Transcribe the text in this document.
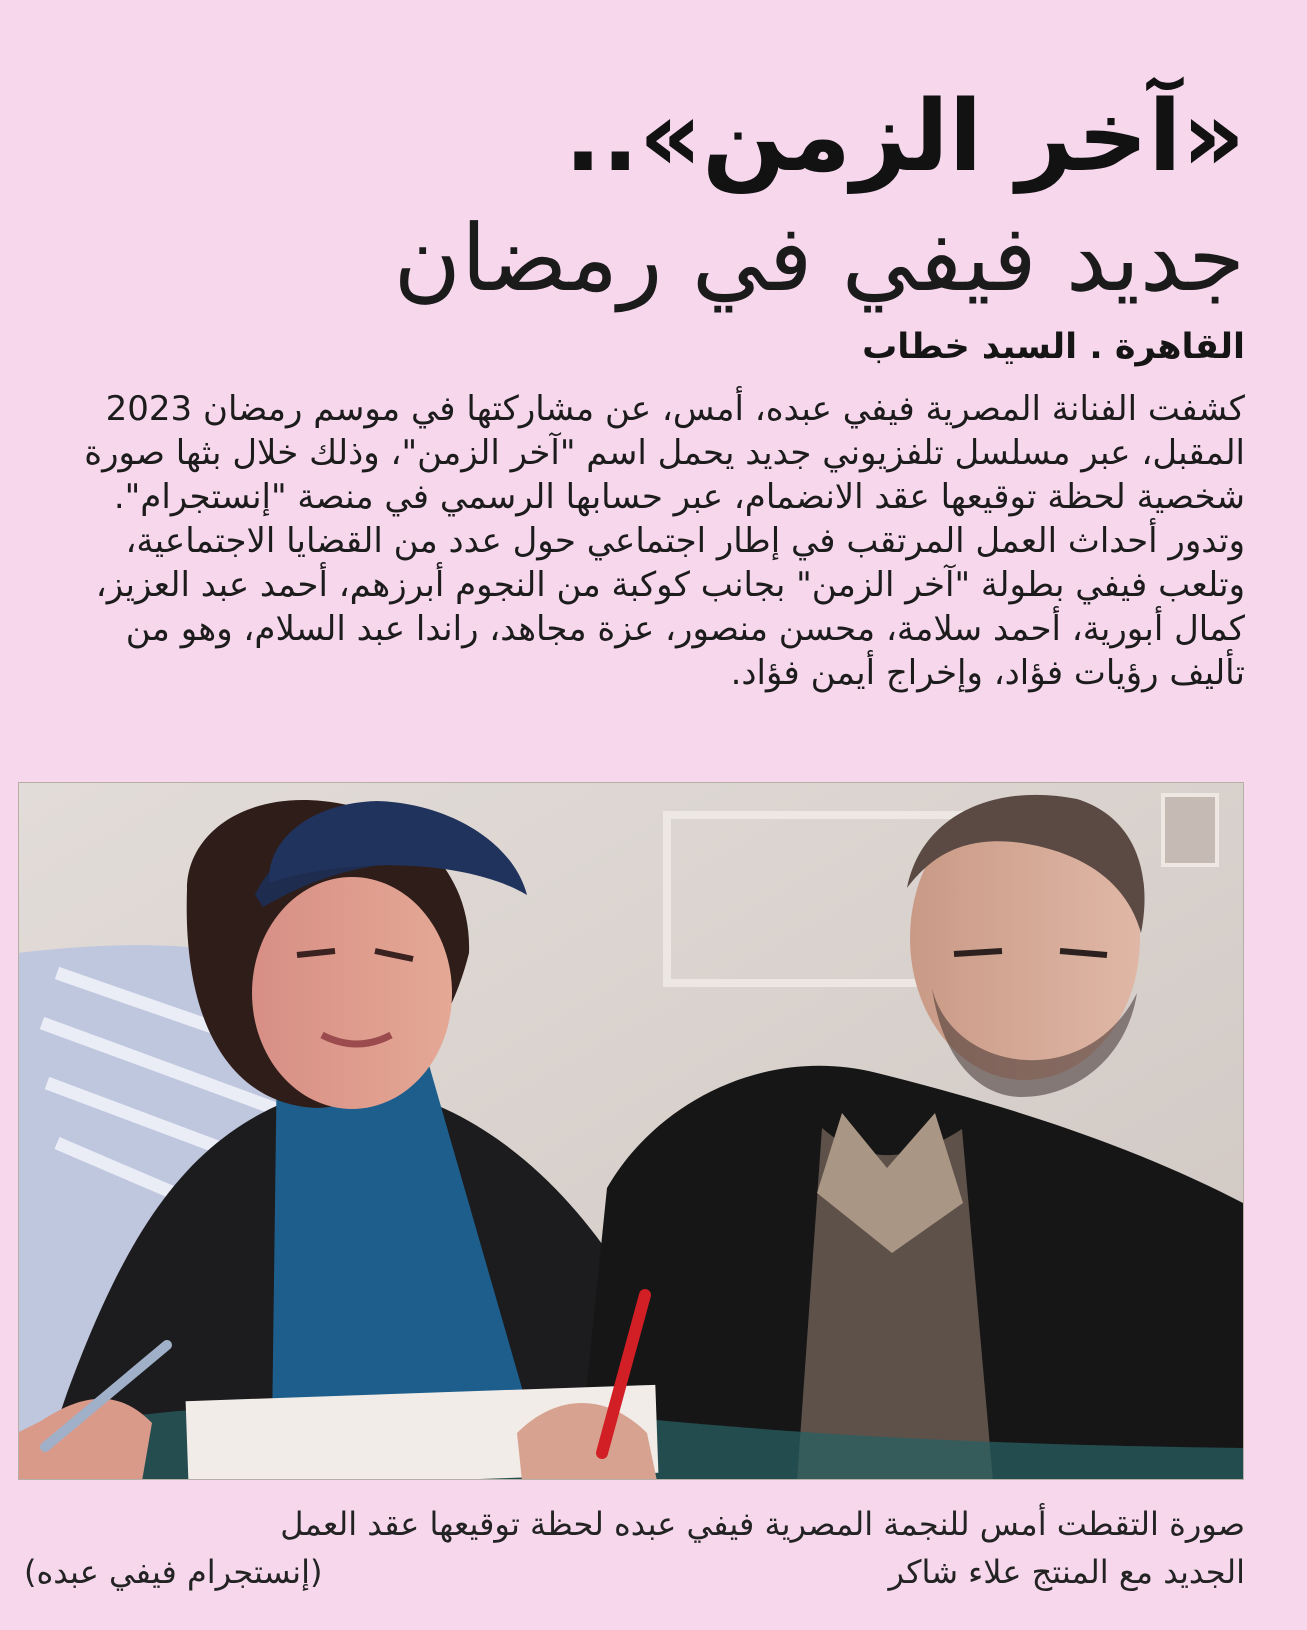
«آخر الزمن»..
جديد فيفي في رمضان
القاهرة . السيد خطاب
كشفت الفنانة المصرية فيفي عبده، أمس، عن مشاركتها في موسم رمضان 2023
المقبل، عبر مسلسل تلفزيوني جديد يحمل اسم "آخر الزمن"، وذلك خلال بثها صورة
شخصية لحظة توقيعها عقد الانضمام، عبر حسابها الرسمي في منصة "إنستجرام".
وتدور أحداث العمل المرتقب في إطار اجتماعي حول عدد من القضايا الاجتماعية،
وتلعب فيفي بطولة "آخر الزمن" بجانب كوكبة من النجوم أبرزهم، أحمد عبد العزيز،
كمال أبورية، أحمد سلامة، محسن منصور، عزة مجاهد، راندا عبد السلام، وهو من
تأليف رؤيات فؤاد، وإخراج أيمن فؤاد.
صورة التقطت أمس للنجمة المصرية فيفي عبده لحظة توقيعها عقد العمل
الجديد مع المنتج علاء شاكر
(إنستجرام فيفي عبده)
